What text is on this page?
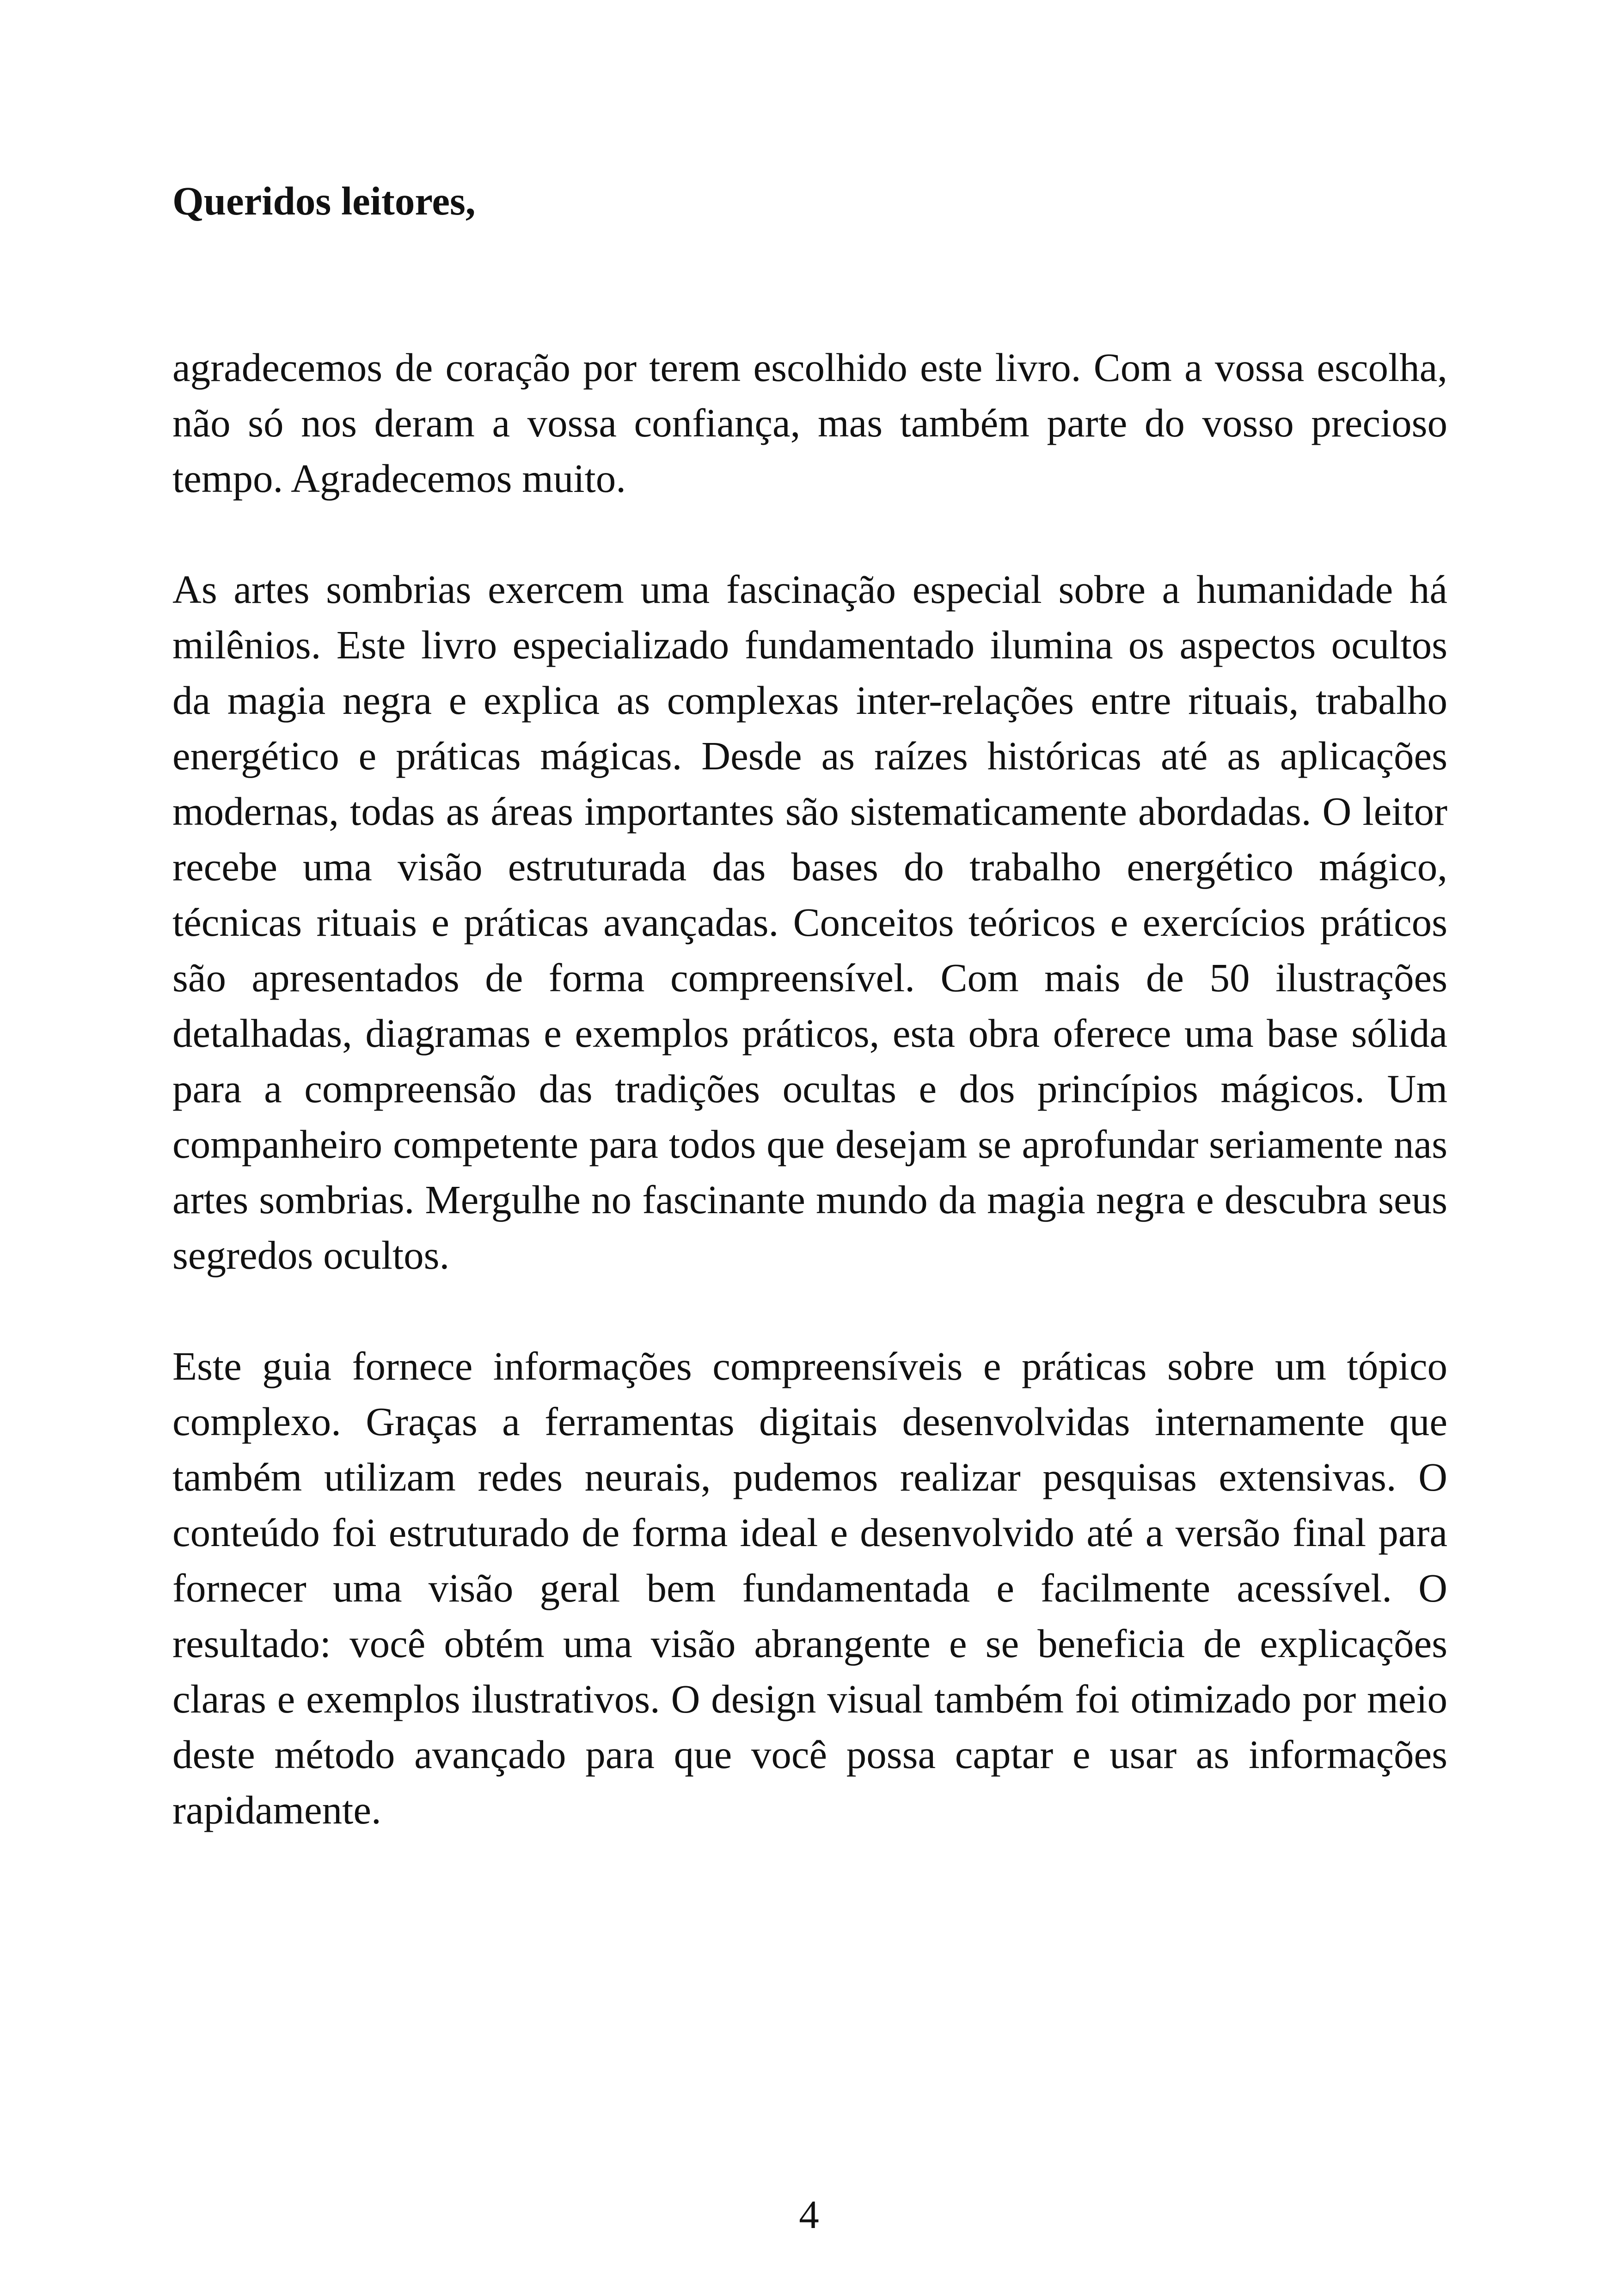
Queridos leitores,

agradecemos de coração por terem escolhido este livro. Com a vossa escolha, não só nos deram a vossa confiança, mas também parte do vosso precioso tempo. Agradecemos muito.

As artes sombrias exercem uma fascinação especial sobre a humanidade há milênios. Este livro especializado fundamentado ilumina os aspectos ocultos da magia negra e explica as complexas inter-relações entre rituais, trabalho energético e práticas mágicas. Desde as raízes históricas até as aplicações modernas, todas as áreas importantes são sistematicamente abordadas. O leitor recebe uma visão estruturada das bases do trabalho energético mágico, técnicas rituais e práticas avançadas. Conceitos teóricos e exercícios práticos são apresentados de forma compreensível. Com mais de 50 ilustrações detalhadas, diagramas e exemplos práticos, esta obra oferece uma base sólida para a compreensão das tradições ocultas e dos princípios mágicos. Um companheiro competente para todos que desejam se aprofundar seriamente nas artes sombrias. Mergulhe no fascinante mundo da magia negra e descubra seus segredos ocultos.

Este guia fornece informações compreensíveis e práticas sobre um tópico complexo. Graças a ferramentas digitais desenvolvidas internamente que também utilizam redes neurais, pudemos realizar pesquisas extensivas. O conteúdo foi estruturado de forma ideal e desenvolvido até a versão final para fornecer uma visão geral bem fundamentada e facilmente acessível. O resultado: você obtém uma visão abrangente e se beneficia de explicações claras e exemplos ilustrativos. O design visual também foi otimizado por meio deste método avançado para que você possa captar e usar as informações rapidamente.

4
